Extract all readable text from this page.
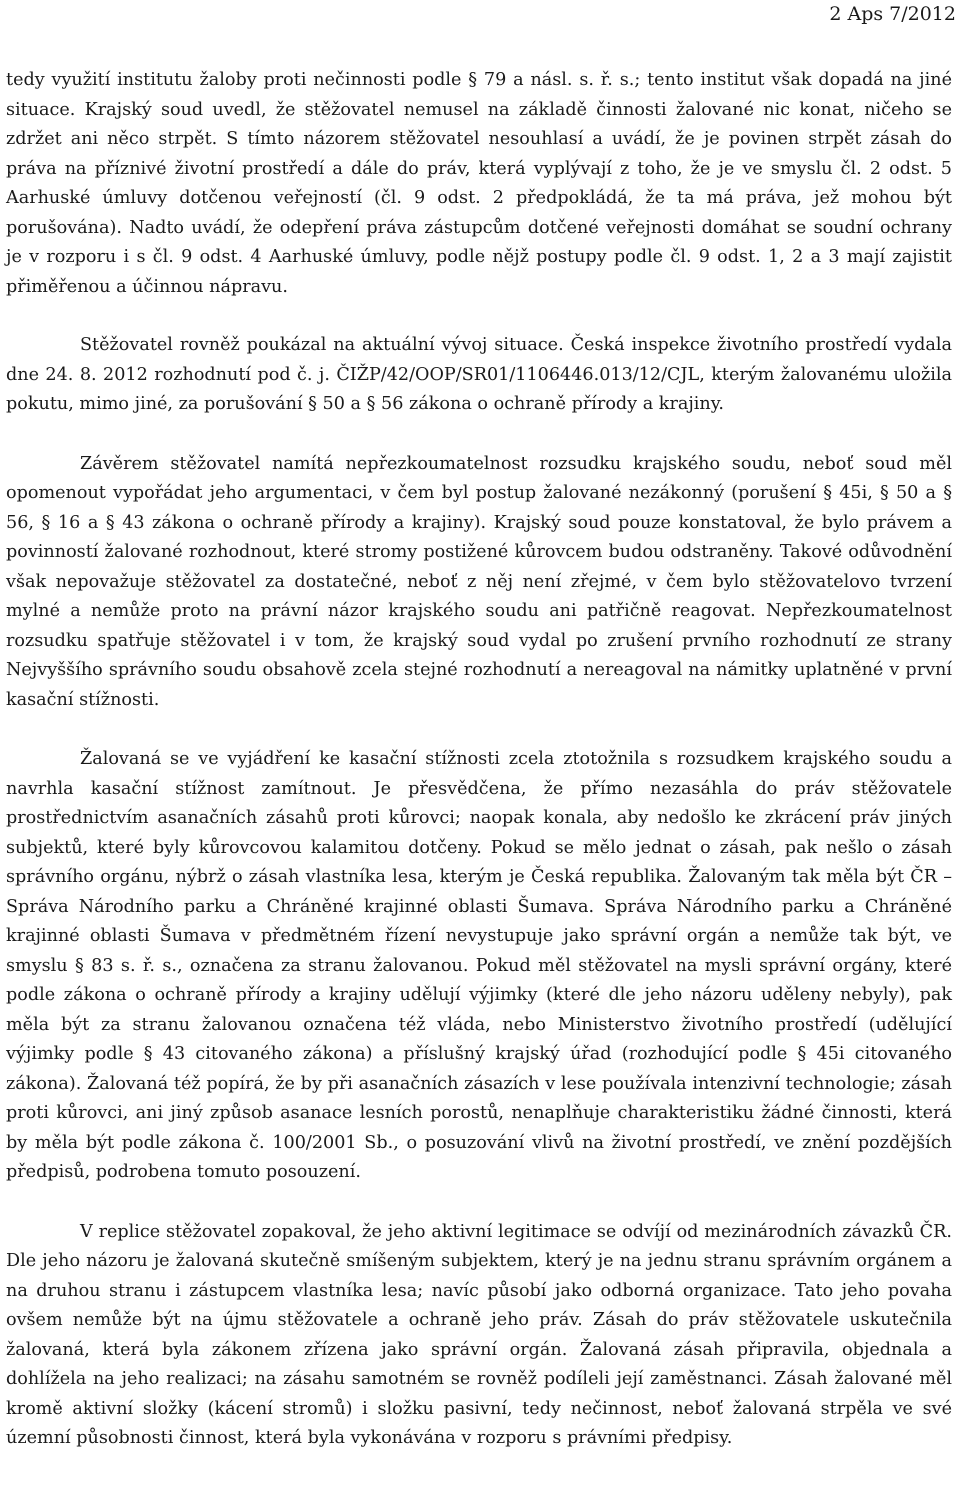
2 Aps 7/2012

tedy využití institutu žaloby proti nečinnosti podle § 79 a násl. s. ř. s.; tento institut však dopadá na jiné situace. Krajský soud uvedl, že stěžovatel nemusel na základě činnosti žalované nic konat, ničeho se zdržet ani něco strpět. S tímto názorem stěžovatel nesouhlasí a uvádí, že je povinen strpět zásah do práva na příznivé životní prostředí a dále do práv, která vyplývají z toho, že je ve smyslu čl. 2 odst. 5 Aarhuské úmluvy dotčenou veřejností (čl. 9 odst. 2 předpokládá, že ta má práva, jež mohou být porušována). Nadto uvádí, že odepření práva zástupcům dotčené veřejnosti domáhat se soudní ochrany je v rozporu i s čl. 9 odst. 4 Aarhuské úmluvy, podle nějž postupy podle čl. 9 odst. 1, 2 a 3 mají zajistit přiměřenou a účinnou nápravu.

Stěžovatel rovněž poukázal na aktuální vývoj situace. Česká inspekce životního prostředí vydala dne 24. 8. 2012 rozhodnutí pod č. j. ČIŽP/42/OOP/SR01/1106446.013/12/CJL, kterým žalovanému uložila pokutu, mimo jiné, za porušování § 50 a § 56 zákona o ochraně přírody a krajiny.

Závěrem stěžovatel namítá nepřezkoumatelnost rozsudku krajského soudu, neboť soud měl opomenout vypořádat jeho argumentaci, v čem byl postup žalované nezákonný (porušení § 45i, § 50 a § 56, § 16 a § 43 zákona o ochraně přírody a krajiny). Krajský soud pouze konstatoval, že bylo právem a povinností žalované rozhodnout, které stromy postižené kůrovcem budou odstraněny. Takové odůvodnění však nepovažuje stěžovatel za dostatečné, neboť z něj není zřejmé, v čem bylo stěžovatelovo tvrzení mylné a nemůže proto na právní názor krajského soudu ani patřičně reagovat. Nepřezkoumatelnost rozsudku spatřuje stěžovatel i v tom, že krajský soud vydal po zrušení prvního rozhodnutí ze strany Nejvyššího správního soudu obsahově zcela stejné rozhodnutí a nereagoval na námitky uplatněné v první kasační stížnosti.

Žalovaná se ve vyjádření ke kasační stížnosti zcela ztotožnila s rozsudkem krajského soudu a navrhla kasační stížnost zamítnout. Je přesvědčena, že přímo nezasáhla do práv stěžovatele prostřednictvím asanačních zásahů proti kůrovci; naopak konala, aby nedošlo ke zkrácení práv jiných subjektů, které byly kůrovcovou kalamitou dotčeny. Pokud se mělo jednat o zásah, pak nešlo o zásah správního orgánu, nýbrž o zásah vlastníka lesa, kterým je Česká republika. Žalovaným tak měla být ČR – Správa Národního parku a Chráněné krajinné oblasti Šumava. Správa Národního parku a Chráněné krajinné oblasti Šumava v předmětném řízení nevystupuje jako správní orgán a nemůže tak být, ve smyslu § 83 s. ř. s., označena za stranu žalovanou. Pokud měl stěžovatel na mysli správní orgány, které podle zákona o ochraně přírody a krajiny udělují výjimky (které dle jeho názoru uděleny nebyly), pak měla být za stranu žalovanou označena též vláda, nebo Ministerstvo životního prostředí (udělující výjimky podle § 43 citovaného zákona) a příslušný krajský úřad (rozhodující podle § 45i citovaného zákona). Žalovaná též popírá, že by při asanačních zásazích v lese používala intenzivní technologie; zásah proti kůrovci, ani jiný způsob asanace lesních porostů, nenaplňuje charakteristiku žádné činnosti, která by měla být podle zákona č. 100/2001 Sb., o posuzování vlivů na životní prostředí, ve znění pozdějších předpisů, podrobena tomuto posouzení.

V replice stěžovatel zopakoval, že jeho aktivní legitimace se odvíjí od mezinárodních závazků ČR. Dle jeho názoru je žalovaná skutečně smíšeným subjektem, který je na jednu stranu správním orgánem a na druhou stranu i zástupcem vlastníka lesa; navíc působí jako odborná organizace. Tato jeho povaha ovšem nemůže být na újmu stěžovatele a ochraně jeho práv. Zásah do práv stěžovatele uskutečnila žalovaná, která byla zákonem zřízena jako správní orgán. Žalovaná zásah připravila, objednala a dohlížela na jeho realizaci; na zásahu samotném se rovněž podíleli její zaměstnanci. Zásah žalované měl kromě aktivní složky (kácení stromů) i složku pasivní, tedy nečinnost, neboť žalovaná strpěla ve své územní působnosti činnost, která byla vykonávána v rozporu s právními předpisy.
